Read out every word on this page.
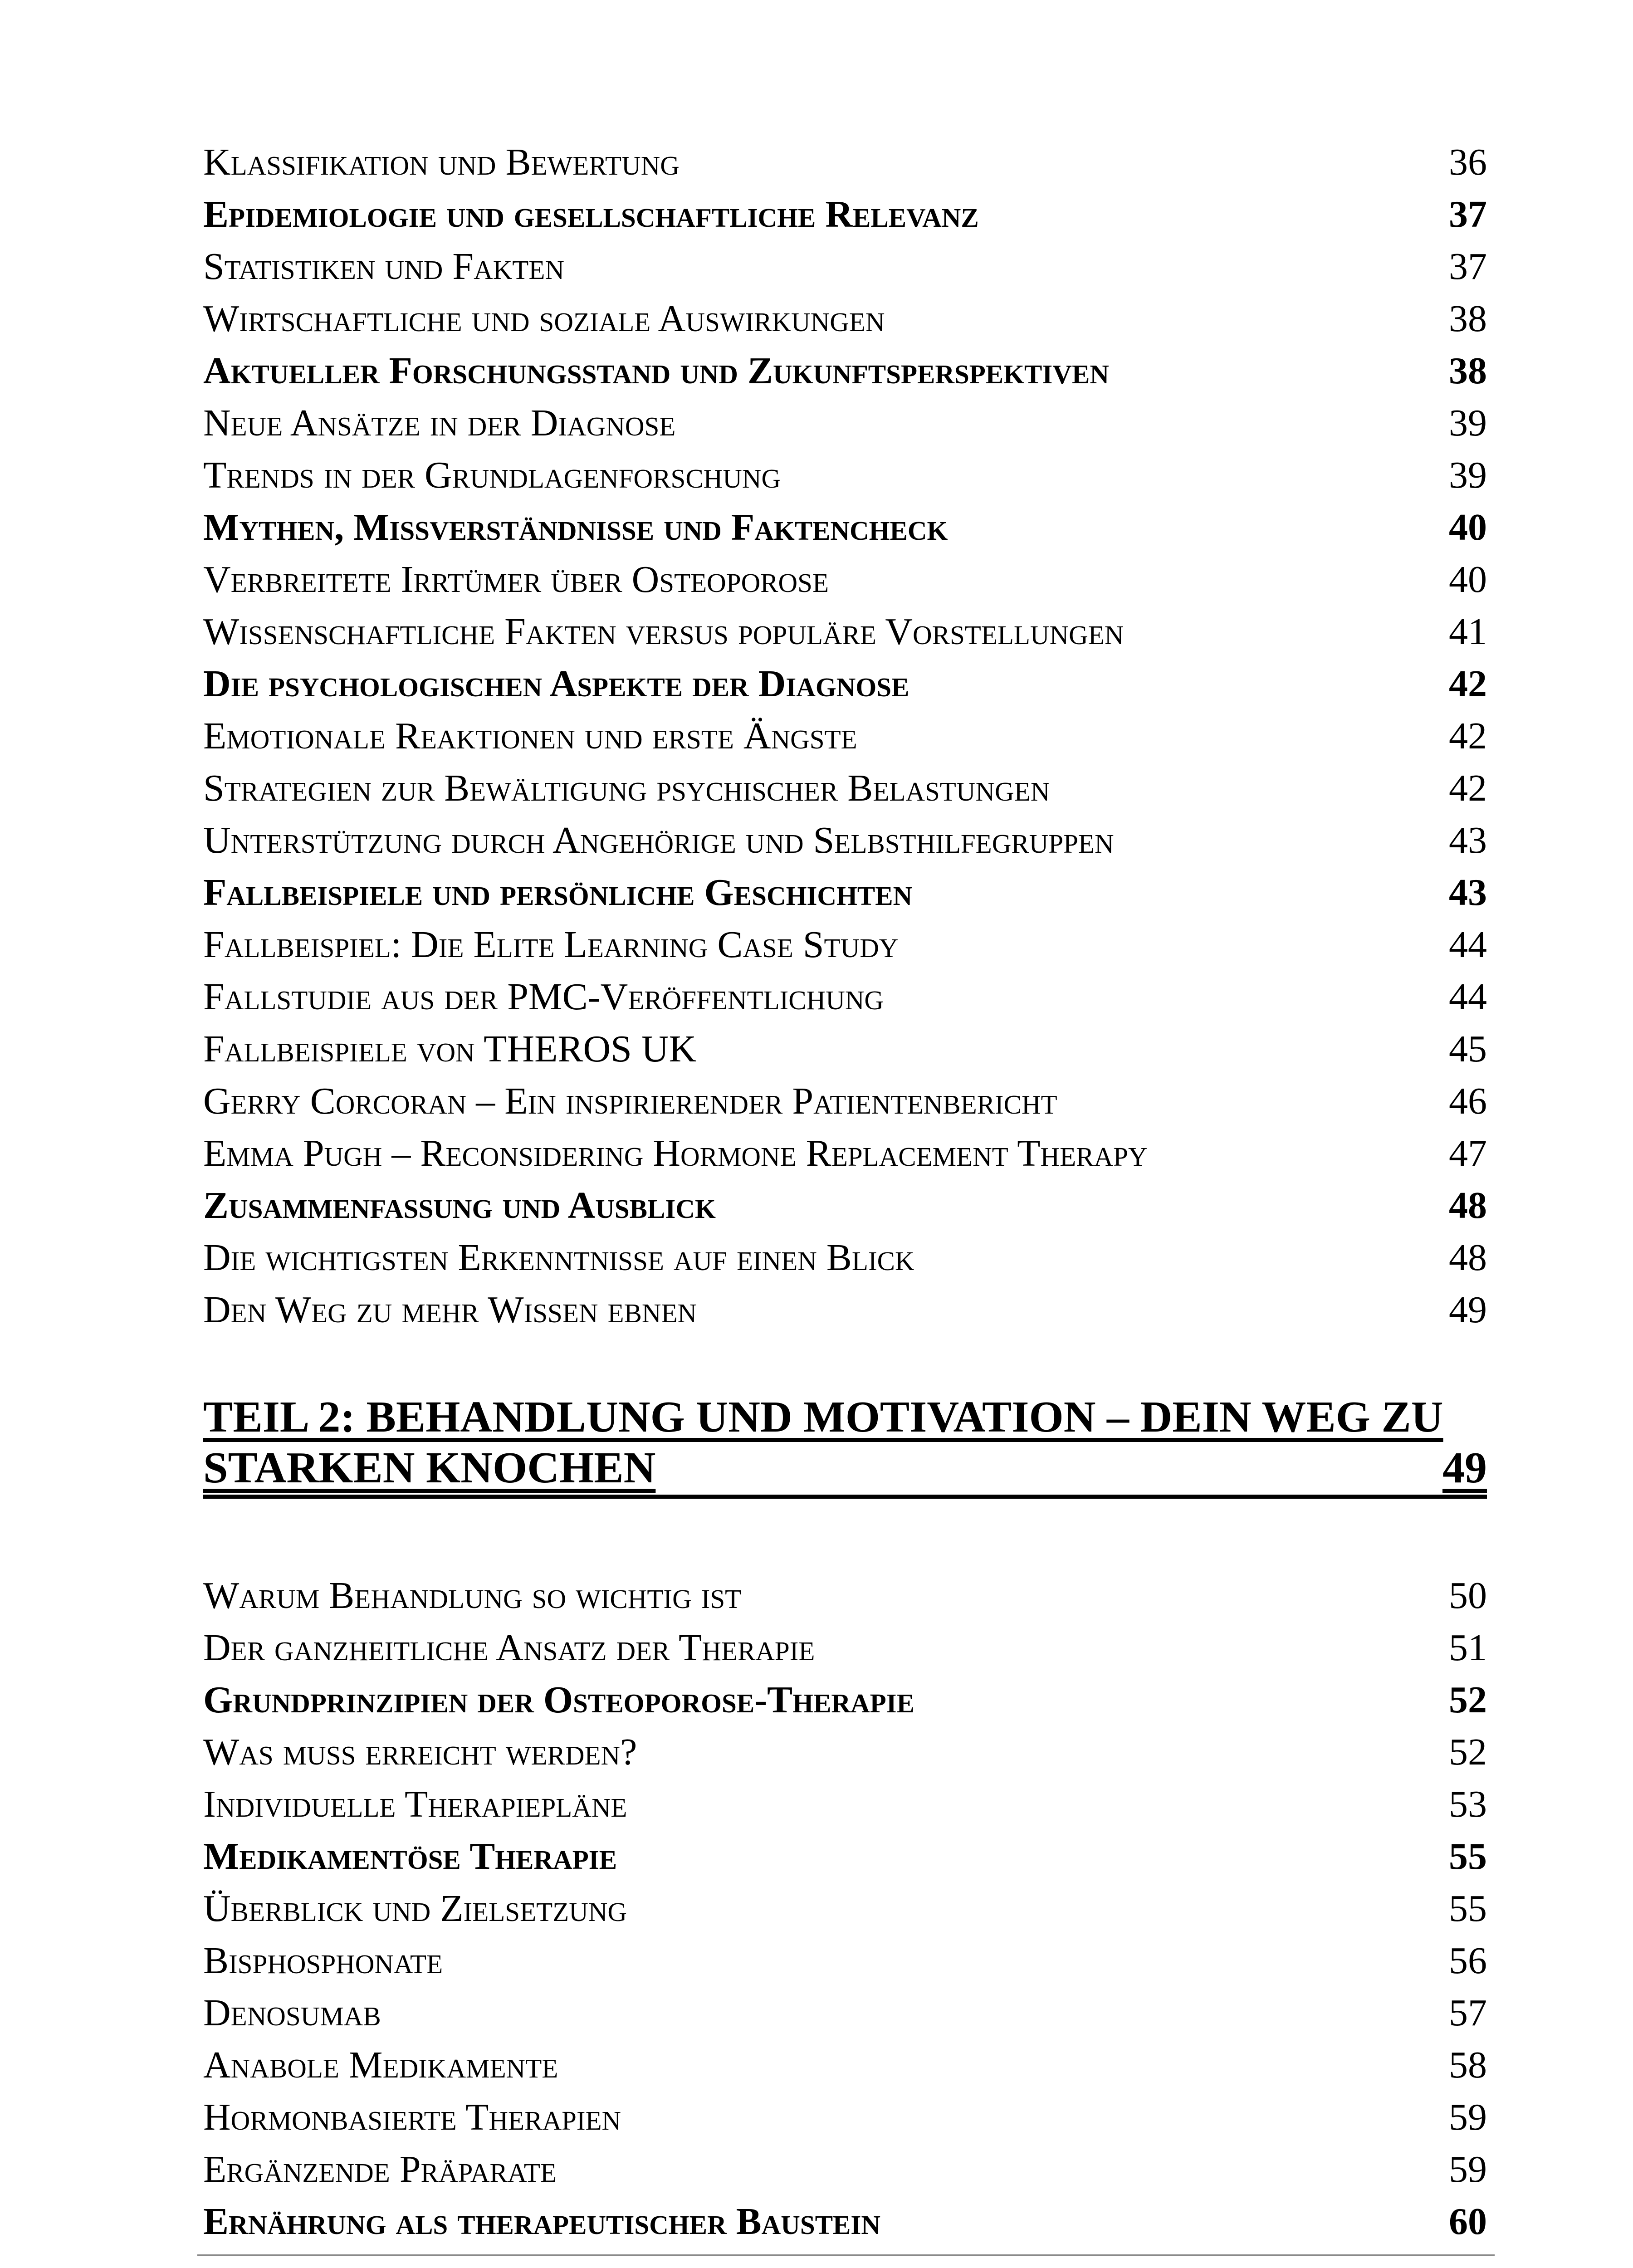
Klassifikation und Bewertung	36
Epidemiologie und gesellschaftliche Relevanz	37
Statistiken und Fakten	37
Wirtschaftliche und soziale Auswirkungen	38
Aktueller Forschungsstand und Zukunftsperspektiven	38
Neue Ansätze in der Diagnose	39
Trends in der Grundlagenforschung	39
Mythen, Missverständnisse und Faktencheck	40
Verbreitete Irrtümer über Osteoporose	40
Wissenschaftliche Fakten versus populäre Vorstellungen	41
Die psychologischen Aspekte der Diagnose	42
Emotionale Reaktionen und erste Ängste	42
Strategien zur Bewältigung psychischer Belastungen	42
Unterstützung durch Angehörige und Selbsthilfegruppen	43
Fallbeispiele und persönliche Geschichten	43
Fallbeispiel: Die Elite Learning Case Study	44
Fallstudie aus der PMC-Veröffentlichung	44
Fallbeispiele von THEROS UK	45
Gerry Corcoran – Ein inspirierender Patientenbericht	46
Emma Pugh – Reconsidering Hormone Replacement Therapy	47
Zusammenfassung und Ausblick	48
Die wichtigsten Erkenntnisse auf einen Blick	48
Den Weg zu mehr Wissen ebnen	49
TEIL 2: BEHANDLUNG UND MOTIVATION – DEIN WEG ZU
STARKEN KNOCHEN	49
Warum Behandlung so wichtig ist	50
Der ganzheitliche Ansatz der Therapie	51
Grundprinzipien der Osteoporose-Therapie	52
Was muss erreicht werden?	52
Individuelle Therapiepläne	53
Medikamentöse Therapie	55
Überblick und Zielsetzung	55
Bisphosphonate	56
Denosumab	57
Anabole Medikamente	58
Hormonbasierte Therapien	59
Ergänzende Präparate	59
Ernährung als therapeutischer Baustein	60
